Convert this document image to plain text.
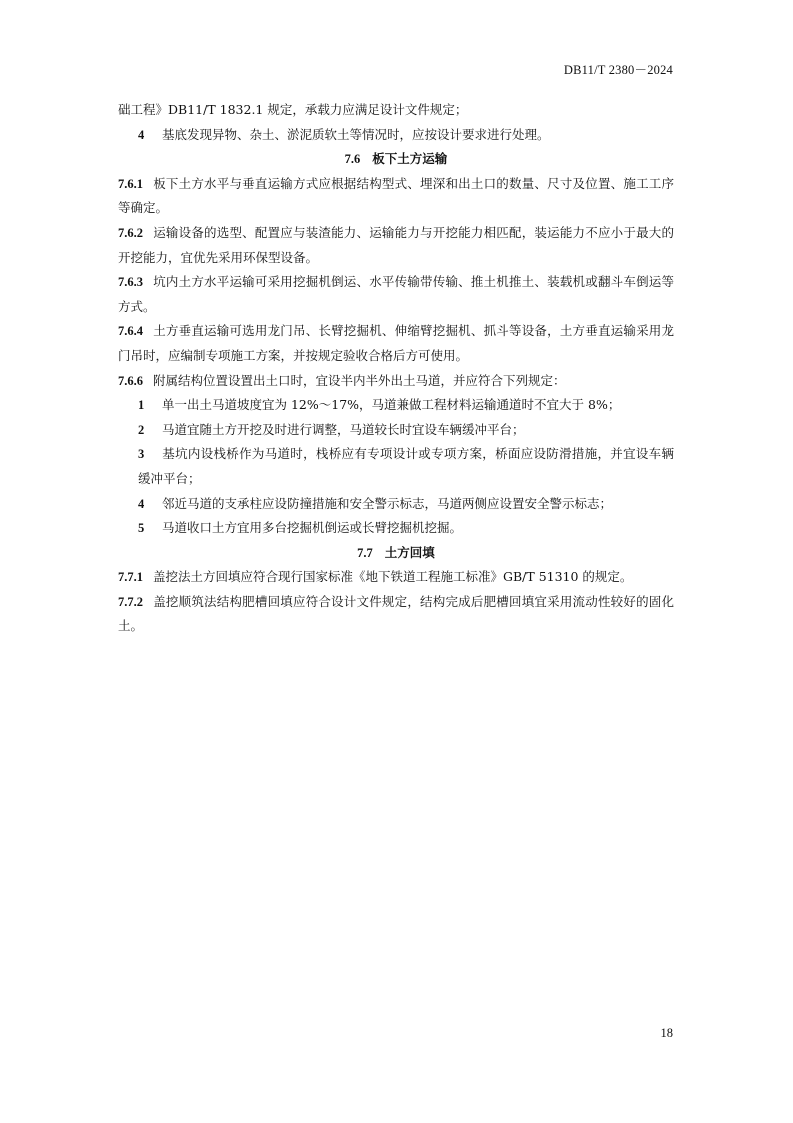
DB11/T 2380－2024

础工程》DB11/T 1832.1 规定，承载力应满足设计文件规定；

4 基底发现异物、杂土、淤泥质软土等情况时，应按设计要求进行处理。

7.6 板下土方运输

7.6.1 板下土方水平与垂直运输方式应根据结构型式、埋深和出土口的数量、尺寸及位置、施工工序等确定。

7.6.2 运输设备的选型、配置应与装渣能力、运输能力与开挖能力相匹配，装运能力不应小于最大的开挖能力，宜优先采用环保型设备。

7.6.3 坑内土方水平运输可采用挖掘机倒运、水平传输带传输、推土机推土、装载机或翻斗车倒运等方式。

7.6.4 土方垂直运输可选用龙门吊、长臂挖掘机、伸缩臂挖掘机、抓斗等设备，土方垂直运输采用龙门吊时，应编制专项施工方案，并按规定验收合格后方可使用。

7.6.6 附属结构位置设置出土口时，宜设半内半外出土马道，并应符合下列规定：

1 单一出土马道坡度宜为 12%～17%，马道兼做工程材料运输通道时不宜大于 8%；

2 马道宜随土方开挖及时进行调整，马道较长时宜设车辆缓冲平台；

3 基坑内设栈桥作为马道时，栈桥应有专项设计或专项方案，桥面应设防滑措施，并宜设车辆缓冲平台；

4 邻近马道的支承柱应设防撞措施和安全警示标志，马道两侧应设置安全警示标志；

5 马道收口土方宜用多台挖掘机倒运或长臂挖掘机挖掘。

7.7 土方回填

7.7.1 盖挖法土方回填应符合现行国家标准《地下铁道工程施工标准》GB/T 51310 的规定。

7.7.2 盖挖顺筑法结构肥槽回填应符合设计文件规定，结构完成后肥槽回填宜采用流动性较好的固化土。

18
